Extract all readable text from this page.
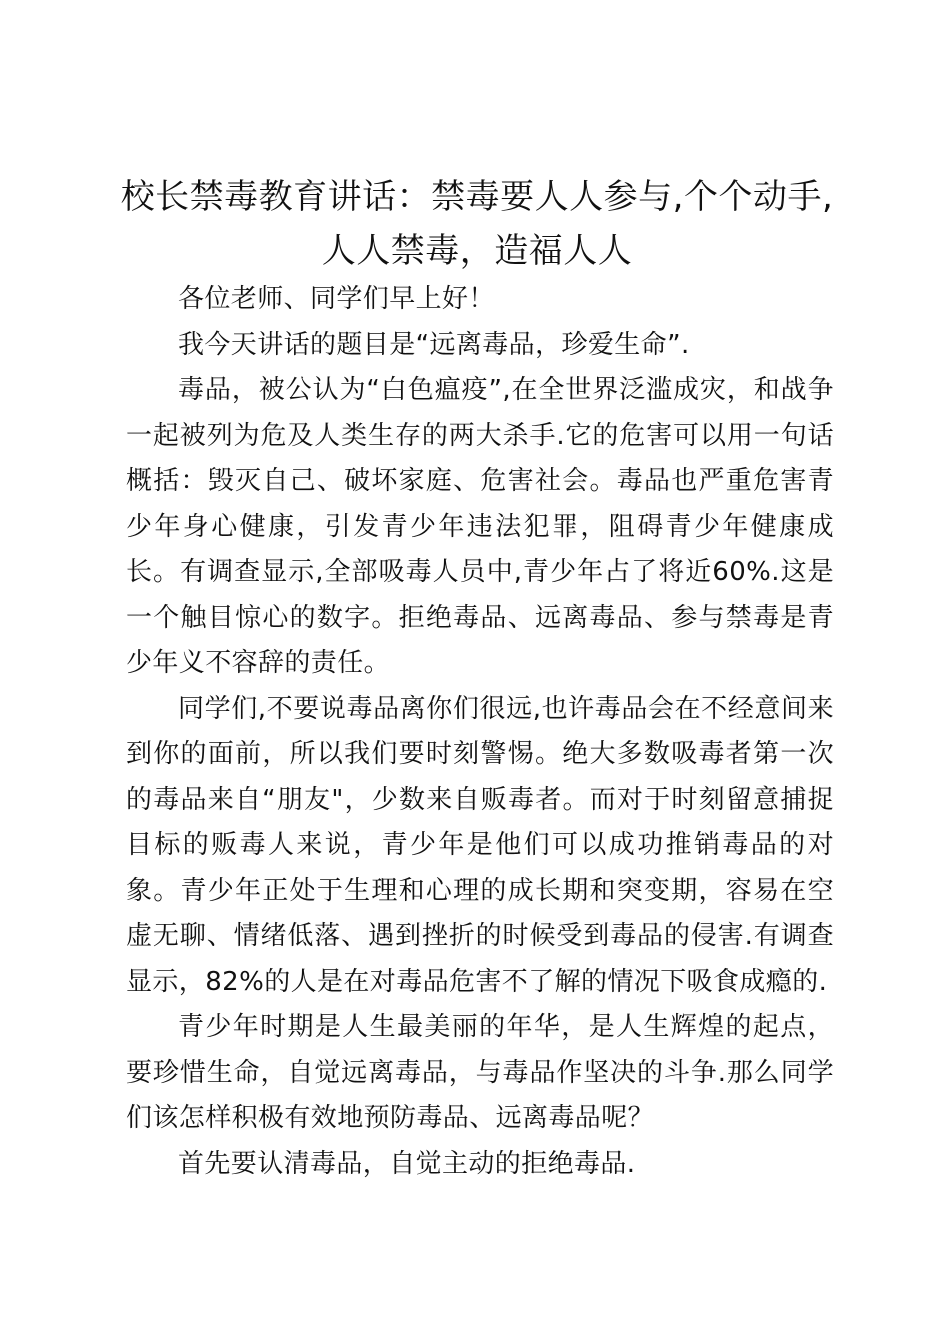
校长禁毒教育讲话：禁毒要人人参与,个个动手,人人禁毒，造福人人

各位老师、同学们早上好！

我今天讲话的题目是“远离毒品，珍爱生命”.

毒品，被公认为“白色瘟疫”,在全世界泛滥成灾，和战争一起被列为危及人类生存的两大杀手.它的危害可以用一句话概括：毁灭自己、破坏家庭、危害社会。毒品也严重危害青少年身心健康，引发青少年违法犯罪，阻碍青少年健康成长。有调查显示,全部吸毒人员中,青少年占了将近60%.这是一个触目惊心的数字。拒绝毒品、远离毒品、参与禁毒是青少年义不容辞的责任。

同学们,不要说毒品离你们很远,也许毒品会在不经意间来到你的面前，所以我们要时刻警惕。绝大多数吸毒者第一次的毒品来自“朋友"，少数来自贩毒者。而对于时刻留意捕捉目标的贩毒人来说，青少年是他们可以成功推销毒品的对象。青少年正处于生理和心理的成长期和突变期，容易在空虚无聊、情绪低落、遇到挫折的时候受到毒品的侵害.有调查显示，82%的人是在对毒品危害不了解的情况下吸食成瘾的.

青少年时期是人生最美丽的年华，是人生辉煌的起点，要珍惜生命，自觉远离毒品，与毒品作坚决的斗争.那么同学们该怎样积极有效地预防毒品、远离毒品呢？

首先要认清毒品，自觉主动的拒绝毒品.
